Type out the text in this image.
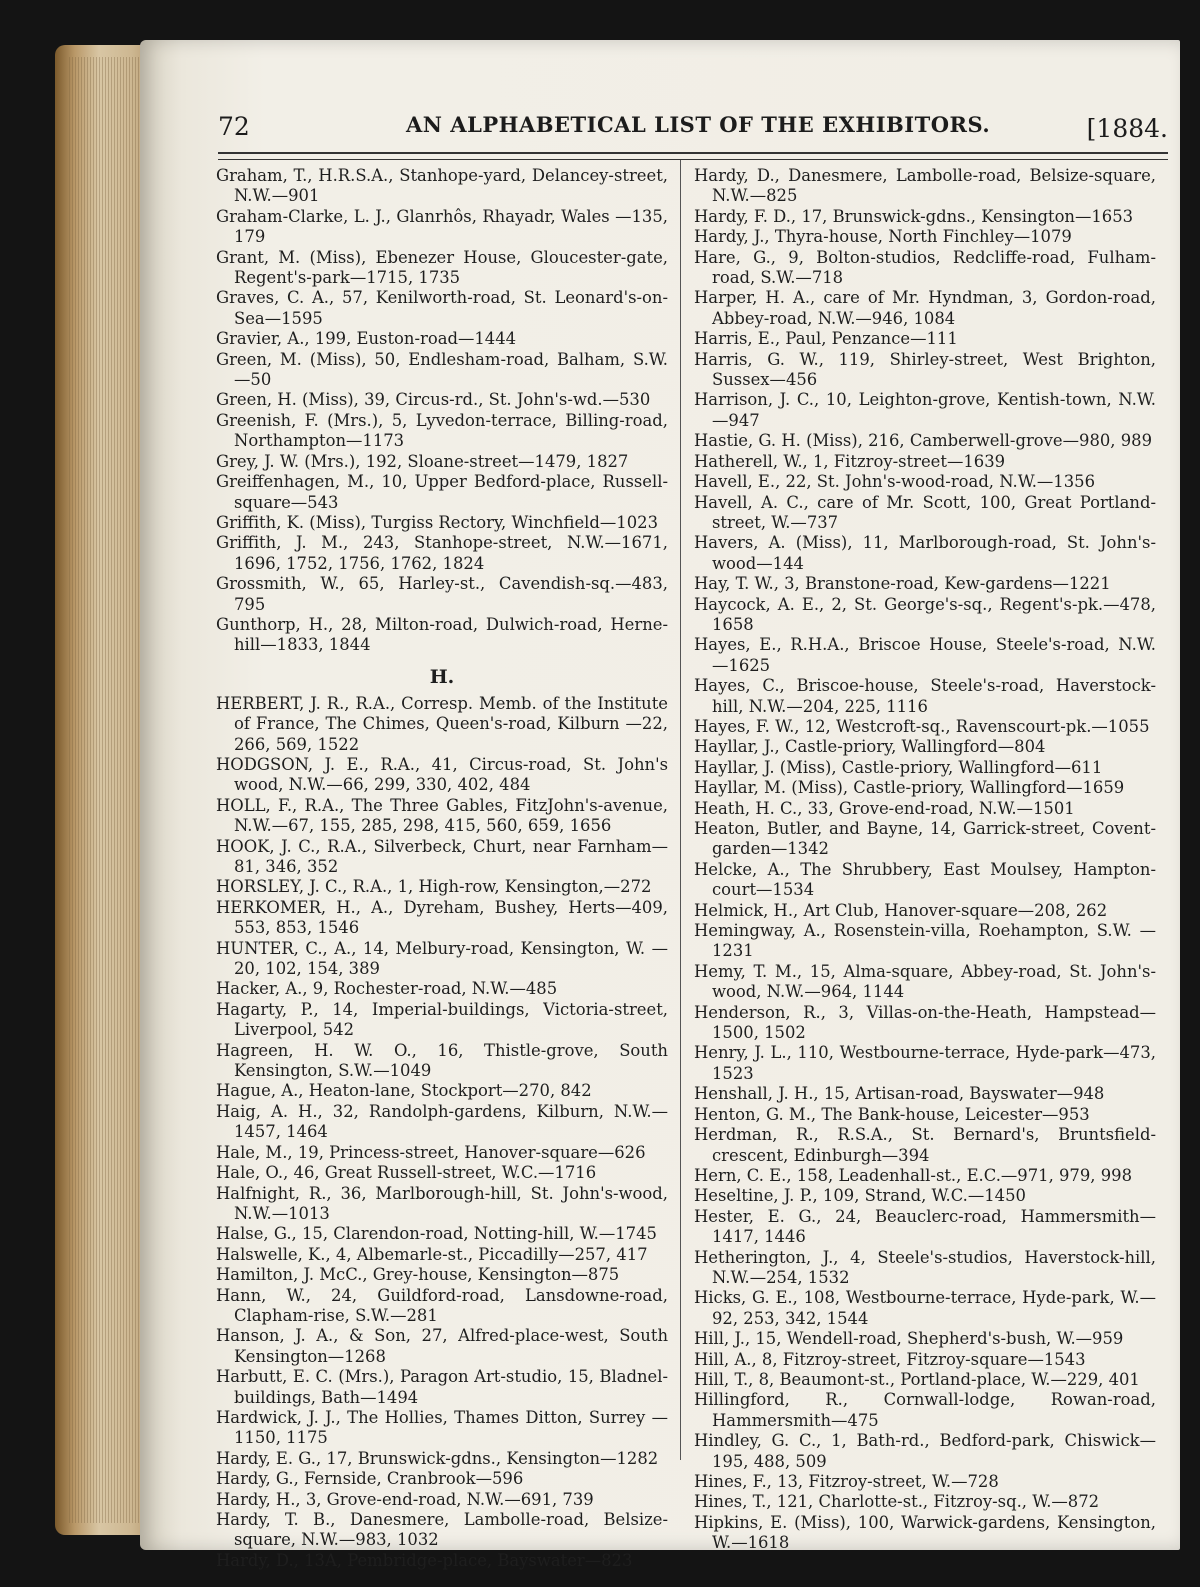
72	AN ALPHABETICAL LIST OF THE EXHIBITORS.	[1884.
Graham, T., H.R.S.A., Stanhope-yard, Delancey-street, N.W.—901
Graham-Clarke, L. J., Glanrhôs, Rhayadr, Wales —135, 179
Grant, M. (Miss), Ebenezer House, Gloucester-gate, Regent's-park—1715, 1735
Graves, C. A., 57, Kenilworth-road, St. Leonard's-on-Sea—1595
Gravier, A., 199, Euston-road—1444
Green, M. (Miss), 50, Endlesham-road, Balham, S.W. —50
Green, H. (Miss), 39, Circus-rd., St. John's-wd.—530
Greenish, F. (Mrs.), 5, Lyvedon-terrace, Billing-road, Northampton—1173
Grey, J. W. (Mrs.), 192, Sloane-street—1479, 1827
Greiffenhagen, M., 10, Upper Bedford-place, Russell-square—543
Griffith, K. (Miss), Turgiss Rectory, Winchfield—1023
Griffith, J. M., 243, Stanhope-street, N.W.—1671, 1696, 1752, 1756, 1762, 1824
Grossmith, W., 65, Harley-st., Cavendish-sq.—483, 795
Gunthorp, H., 28, Milton-road, Dulwich-road, Herne-hill—1833, 1844
H.
HERBERT, J. R., R.A., Corresp. Memb. of the Institute of France, The Chimes, Queen's-road, Kilburn —22, 266, 569, 1522
HODGSON, J. E., R.A., 41, Circus-road, St. John's wood, N.W.—66, 299, 330, 402, 484
HOLL, F., R.A., The Three Gables, FitzJohn's-avenue, N.W.—67, 155, 285, 298, 415, 560, 659, 1656
HOOK, J. C., R.A., Silverbeck, Churt, near Farnham—81, 346, 352
HORSLEY, J. C., R.A., 1, High-row, Kensington,—272
HERKOMER, H., A., Dyreham, Bushey, Herts—409, 553, 853, 1546
HUNTER, C., A., 14, Melbury-road, Kensington, W. —20, 102, 154, 389
Hacker, A., 9, Rochester-road, N.W.—485
Hagarty, P., 14, Imperial-buildings, Victoria-street, Liverpool, 542
Hagreen, H. W. O., 16, Thistle-grove, South Kensington, S.W.—1049
Hague, A., Heaton-lane, Stockport—270, 842
Haig, A. H., 32, Randolph-gardens, Kilburn, N.W.—1457, 1464
Hale, M., 19, Princess-street, Hanover-square—626
Hale, O., 46, Great Russell-street, W.C.—1716
Halfnight, R., 36, Marlborough-hill, St. John's-wood, N.W.—1013
Halse, G., 15, Clarendon-road, Notting-hill, W.—1745
Halswelle, K., 4, Albemarle-st., Piccadilly—257, 417
Hamilton, J. McC., Grey-house, Kensington—875
Hann, W., 24, Guildford-road, Lansdowne-road, Clapham-rise, S.W.—281
Hanson, J. A., & Son, 27, Alfred-place-west, South Kensington—1268
Harbutt, E. C. (Mrs.), Paragon Art-studio, 15, Bladnel-buildings, Bath—1494
Hardwick, J. J., The Hollies, Thames Ditton, Surrey —1150, 1175
Hardy, E. G., 17, Brunswick-gdns., Kensington—1282
Hardy, G., Fernside, Cranbrook—596
Hardy, H., 3, Grove-end-road, N.W.—691, 739
Hardy, T. B., Danesmere, Lambolle-road, Belsize-square, N.W.—983, 1032
Hardy, D., 13A, Pembridge-place, Bayswater—823
Hardy, D., Danesmere, Lambolle-road, Belsize-square, N.W.—825
Hardy, F. D., 17, Brunswick-gdns., Kensington—1653
Hardy, J., Thyra-house, North Finchley—1079
Hare, G., 9, Bolton-studios, Redcliffe-road, Fulham-road, S.W.—718
Harper, H. A., care of Mr. Hyndman, 3, Gordon-road, Abbey-road, N.W.—946, 1084
Harris, E., Paul, Penzance—111
Harris, G. W., 119, Shirley-street, West Brighton, Sussex—456
Harrison, J. C., 10, Leighton-grove, Kentish-town, N.W.—947
Hastie, G. H. (Miss), 216, Camberwell-grove—980, 989
Hatherell, W., 1, Fitzroy-street—1639
Havell, E., 22, St. John's-wood-road, N.W.—1356
Havell, A. C., care of Mr. Scott, 100, Great Portland-street, W.—737
Havers, A. (Miss), 11, Marlborough-road, St. John's-wood—144
Hay, T. W., 3, Branstone-road, Kew-gardens—1221
Haycock, A. E., 2, St. George's-sq., Regent's-pk.—478, 1658
Hayes, E., R.H.A., Briscoe House, Steele's-road, N.W. —1625
Hayes, C., Briscoe-house, Steele's-road, Haverstock-hill, N.W.—204, 225, 1116
Hayes, F. W., 12, Westcroft-sq., Ravenscourt-pk.—1055
Hayllar, J., Castle-priory, Wallingford—804
Hayllar, J. (Miss), Castle-priory, Wallingford—611
Hayllar, M. (Miss), Castle-priory, Wallingford—1659
Heath, H. C., 33, Grove-end-road, N.W.—1501
Heaton, Butler, and Bayne, 14, Garrick-street, Covent-garden—1342
Helcke, A., The Shrubbery, East Moulsey, Hampton-court—1534
Helmick, H., Art Club, Hanover-square—208, 262
Hemingway, A., Rosenstein-villa, Roehampton, S.W. —1231
Hemy, T. M., 15, Alma-square, Abbey-road, St. John's-wood, N.W.—964, 1144
Henderson, R., 3, Villas-on-the-Heath, Hampstead—1500, 1502
Henry, J. L., 110, Westbourne-terrace, Hyde-park—473, 1523
Henshall, J. H., 15, Artisan-road, Bayswater—948
Henton, G. M., The Bank-house, Leicester—953
Herdman, R., R.S.A., St. Bernard's, Bruntsfield-crescent, Edinburgh—394
Hern, C. E., 158, Leadenhall-st., E.C.—971, 979, 998
Heseltine, J. P., 109, Strand, W.C.—1450
Hester, E. G., 24, Beauclerc-road, Hammersmith—1417, 1446
Hetherington, J., 4, Steele's-studios, Haverstock-hill, N.W.—254, 1532
Hicks, G. E., 108, Westbourne-terrace, Hyde-park, W.—92, 253, 342, 1544
Hill, J., 15, Wendell-road, Shepherd's-bush, W.—959
Hill, A., 8, Fitzroy-street, Fitzroy-square—1543
Hill, T., 8, Beaumont-st., Portland-place, W.—229, 401
Hillingford, R., Cornwall-lodge, Rowan-road, Hammersmith—475
Hindley, G. C., 1, Bath-rd., Bedford-park, Chiswick—195, 488, 509
Hines, F., 13, Fitzroy-street, W.—728
Hines, T., 121, Charlotte-st., Fitzroy-sq., W.—872
Hipkins, E. (Miss), 100, Warwick-gardens, Kensington, W.—1618
